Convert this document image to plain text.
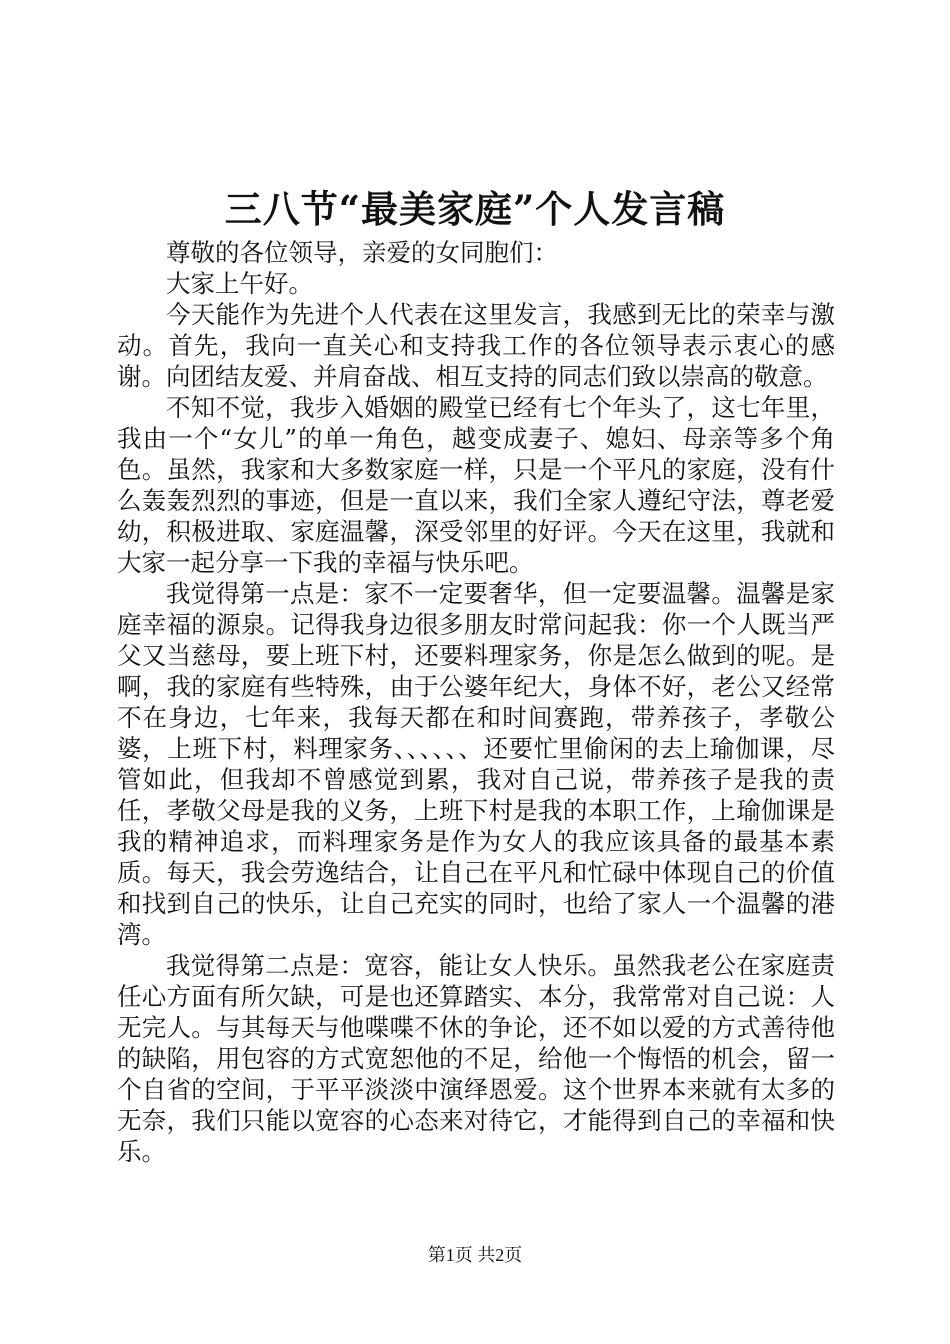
三八节“最美家庭”个人发言稿

尊敬的各位领导，亲爱的女同胞们：

大家上午好。

今天能作为先进个人代表在这里发言，我感到无比的荣幸与激动。首先，我向一直关心和支持我工作的各位领导表示衷心的感谢。向团结友爱、并肩奋战、相互支持的同志们致以崇高的敬意。

不知不觉，我步入婚姻的殿堂已经有七个年头了，这七年里，我由一个“女儿”的单一角色，越变成妻子、媳妇、母亲等多个角色。虽然，我家和大多数家庭一样，只是一个平凡的家庭，没有什么轰轰烈烈的事迹，但是一直以来，我们全家人遵纪守法，尊老爱幼，积极进取、家庭温馨，深受邻里的好评。今天在这里，我就和大家一起分享一下我的幸福与快乐吧。

我觉得第一点是：家不一定要奢华，但一定要温馨。温馨是家庭幸福的源泉。记得我身边很多朋友时常问起我：你一个人既当严父又当慈母，要上班下村，还要料理家务，你是怎么做到的呢。是啊，我的家庭有些特殊，由于公婆年纪大，身体不好，老公又经常不在身边，七年来，我每天都在和时间赛跑，带养孩子，孝敬公婆，上班下村，料理家务、、、、、、还要忙里偷闲的去上瑜伽课，尽管如此，但我却不曾感觉到累，我对自己说，带养孩子是我的责任，孝敬父母是我的义务，上班下村是我的本职工作，上瑜伽课是我的精神追求，而料理家务是作为女人的我应该具备的最基本素质。每天，我会劳逸结合，让自己在平凡和忙碌中体现自己的价值和找到自己的快乐，让自己充实的同时，也给了家人一个温馨的港湾。

我觉得第二点是：宽容，能让女人快乐。虽然我老公在家庭责任心方面有所欠缺，可是也还算踏实、本分，我常常对自己说：人无完人。与其每天与他喋喋不休的争论，还不如以爱的方式善待他的缺陷，用包容的方式宽恕他的不足，给他一个悔悟的机会，留一个自省的空间，于平平淡淡中演绎恩爱。这个世界本来就有太多的无奈，我们只能以宽容的心态来对待它，才能得到自己的幸福和快乐。

第1页 共2页
